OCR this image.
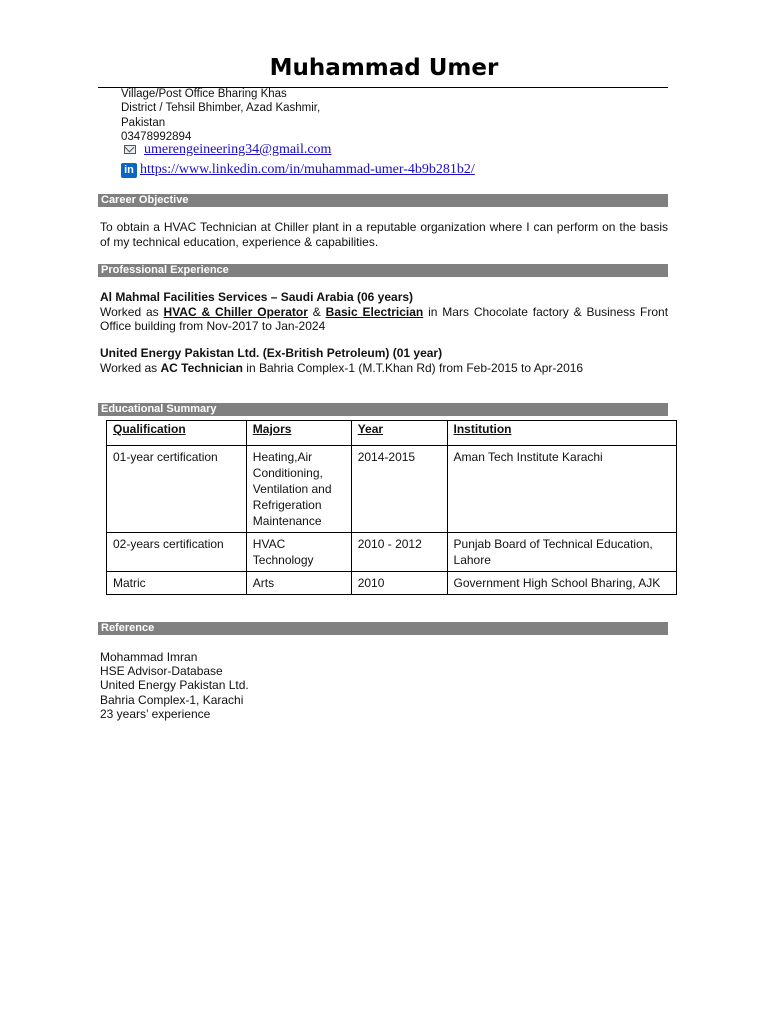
Muhammad Umer
Village/Post Office Bharing Khas
District / Tehsil Bhimber, Azad Kashmir,
Pakistan
03478992894
umerengeineering34@gmail.com
in https://www.linkedin.com/in/muhammad-umer-4b9b281b2/
Career Objective
To obtain a HVAC Technician at Chiller plant in a reputable organization where I can perform on the basis of my technical education, experience & capabilities.
Professional Experience
Al Mahmal Facilities Services – Saudi Arabia (06 years)
Worked as HVAC & Chiller Operator & Basic Electrician in Mars Chocolate factory & Business Front Office building from Nov-2017 to Jan-2024
United Energy Pakistan Ltd. (Ex-British Petroleum) (01 year)
Worked as AC Technician in Bahria Complex-1 (M.T.Khan Rd) from Feb-2015 to Apr-2016
Educational Summary
Qualification	Majors	Year	Institution
01-year certification	Heating,Air Conditioning, Ventilation and Refrigeration Maintenance	2014-2015	Aman Tech Institute Karachi
02-years certification	HVAC Technology	2010 - 2012	Punjab Board of Technical Education, Lahore
Matric	Arts	2010	Government High School Bharing, AJK
Reference
Mohammad Imran
HSE Advisor-Database
United Energy Pakistan Ltd.
Bahria Complex-1, Karachi
23 years’ experience
